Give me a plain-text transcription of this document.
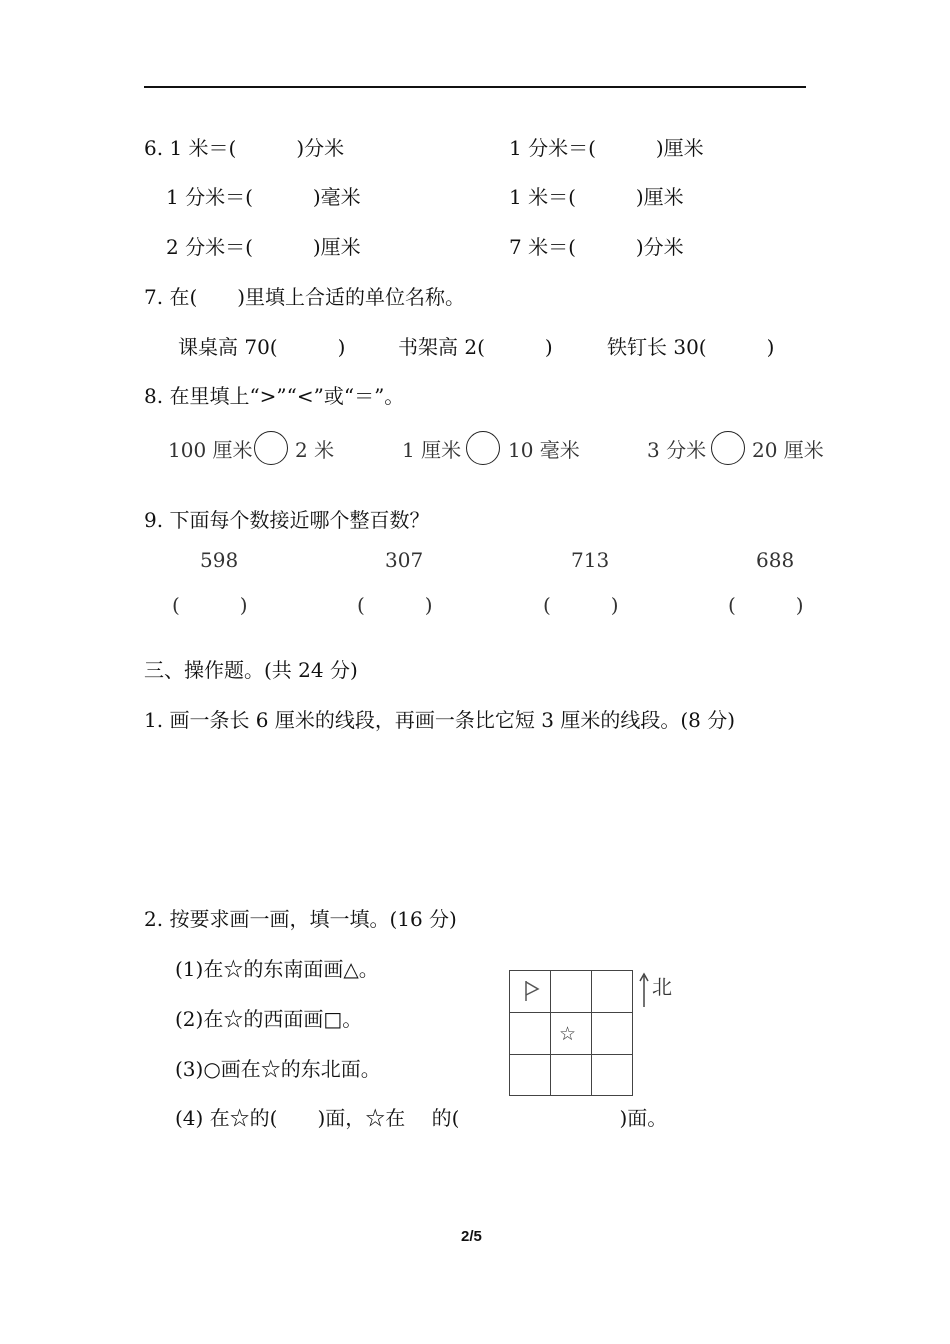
6. 1 米＝(　　　)分米	1 分米＝(　　　)厘米
1 分米＝(　　　)毫米	1 米＝(　　　)厘米
2 分米＝(　　　)厘米	7 米＝(　　　)分米
7. 在(　　)里填上合适的单位名称。
课桌高 70(　　　)	书架高 2(　　　)	铁钉长 30(　　　)
8. 在里填上“>”“<”或“＝”。
100 厘米 2 米	1 厘米 10 毫米	3 分米 20 厘米
9. 下面每个数接近哪个整百数？
598	307	713	688
(　　　)	(　　　)	(　　　)	(　　　)
三、操作题。(共 24 分)
1. 画一条长 6 厘米的线段，再画一条比它短 3 厘米的线段。(8 分)
2. 按要求画一画，填一填。(16 分)
(1)在☆的东南面画△。
(2)在☆的西面画□。
(3)○画在☆的东北面。
(4) 在☆的(　　)面，☆在　 的(　　　　　　　　)面。
☆
北
2/5
